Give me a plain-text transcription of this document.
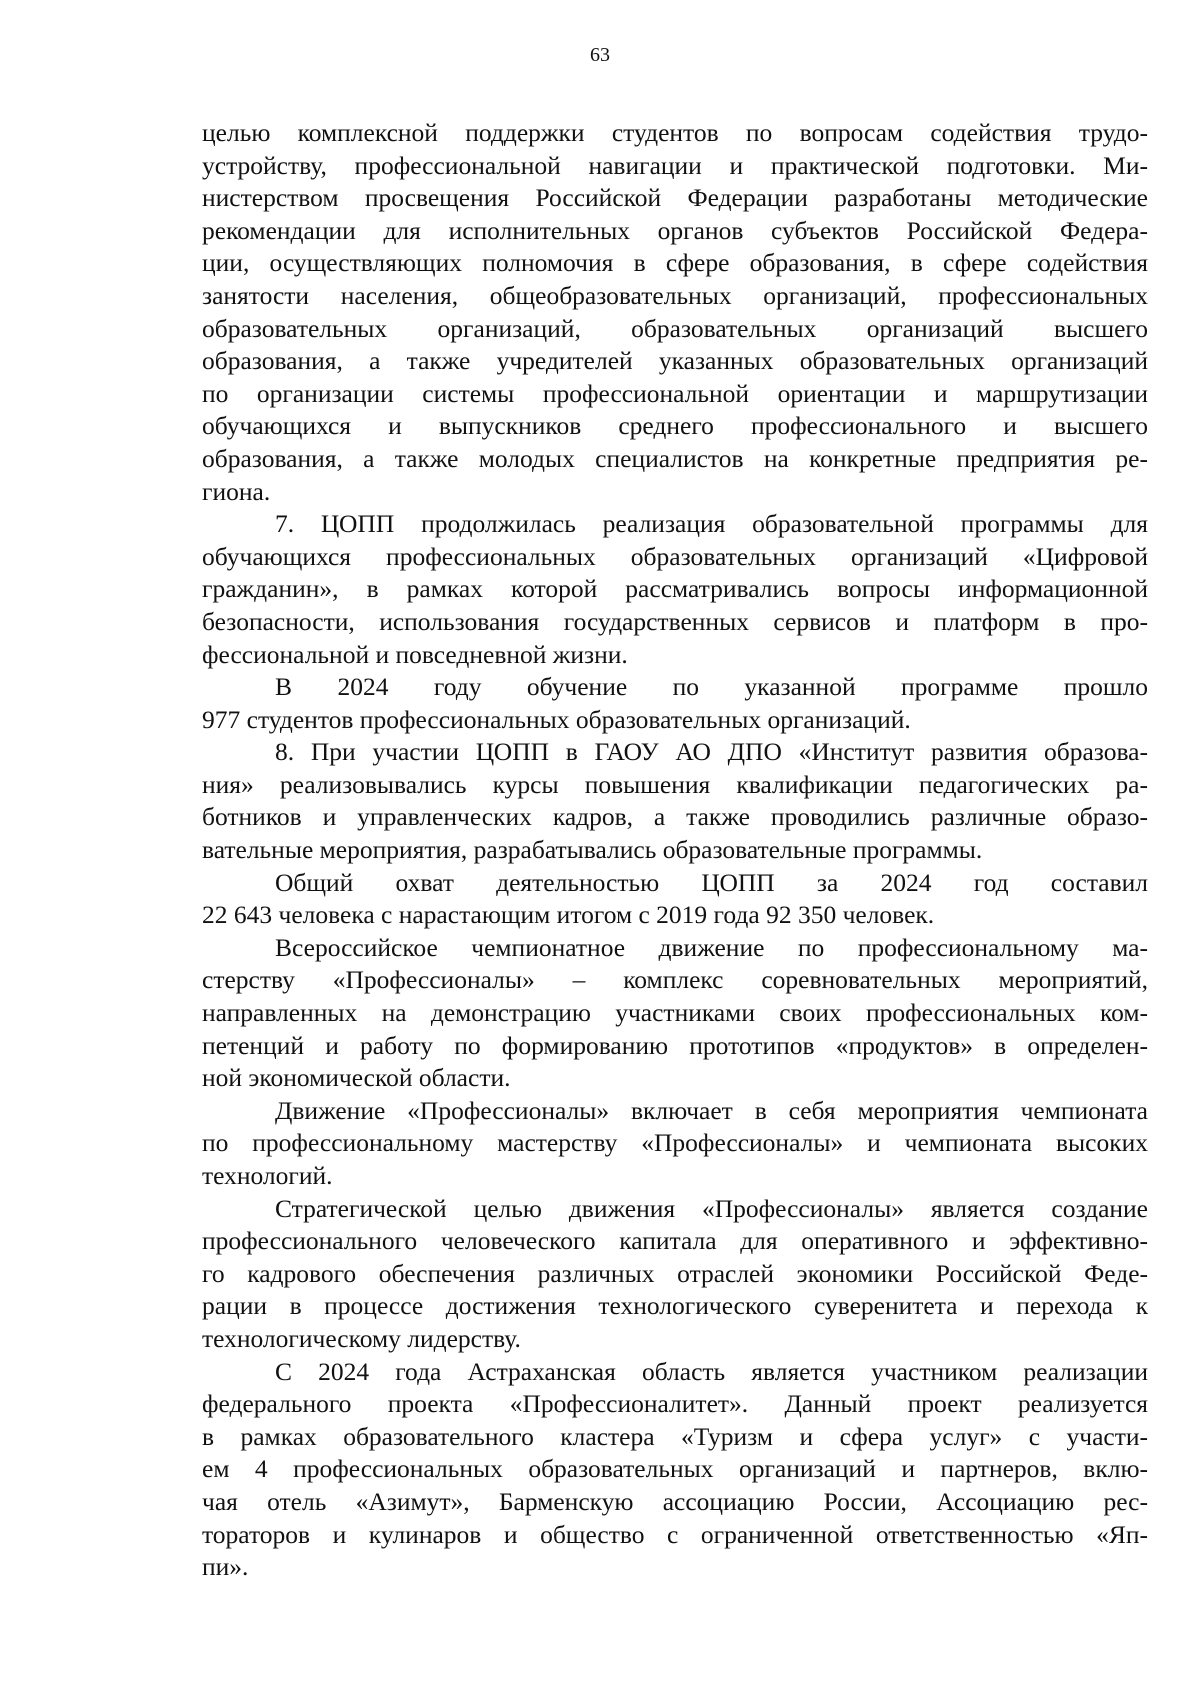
63

целью комплексной поддержки студентов по вопросам содействия трудо-
устройству, профессиональной навигации и практической подготовки. Ми-
нистерством просвещения Российской Федерации разработаны методические
рекомендации для исполнительных органов субъектов Российской Федера-
ции, осуществляющих полномочия в сфере образования, в сфере содействия
занятости населения, общеобразовательных организаций, профессиональных
образовательных организаций, образовательных организаций высшего
образования, а также учредителей указанных образовательных организаций
по организации системы профессиональной ориентации и маршрутизации
обучающихся и выпускников среднего профессионального и высшего
образования, а также молодых специалистов на конкретные предприятия ре-
гиона.

7. ЦОПП продолжилась реализация образовательной программы для
обучающихся профессиональных образовательных организаций «Цифровой
гражданин», в рамках которой рассматривались вопросы информационной
безопасности, использования государственных сервисов и платформ в про-
фессиональной и повседневной жизни.

В 2024 году обучение по указанной программе прошло
977 студентов профессиональных образовательных организаций.

8. При участии ЦОПП в ГАОУ АО ДПО «Институт развития образова-
ния» реализовывались курсы повышения квалификации педагогических ра-
ботников и управленческих кадров, а также проводились различные образо-
вательные мероприятия, разрабатывались образовательные программы.

Общий охват деятельностью ЦОПП за 2024 год составил
22 643 человека с нарастающим итогом с 2019 года 92 350 человек.

Всероссийское чемпионатное движение по профессиональному ма-
стерству «Профессионалы» – комплекс соревновательных мероприятий,
направленных на демонстрацию участниками своих профессиональных ком-
петенций и работу по формированию прототипов «продуктов» в определен-
ной экономической области.

Движение «Профессионалы» включает в себя мероприятия чемпионата
по профессиональному мастерству «Профессионалы» и чемпионата высоких
технологий.

Стратегической целью движения «Профессионалы» является создание
профессионального человеческого капитала для оперативного и эффективно-
го кадрового обеспечения различных отраслей экономики Российской Феде-
рации в процессе достижения технологического суверенитета и перехода к
технологическому лидерству.

С 2024 года Астраханская область является участником реализации
федерального проекта «Профессионалитет». Данный проект реализуется
в рамках образовательного кластера «Туризм и сфера услуг» с участи-
ем 4 профессиональных образовательных организаций и партнеров, вклю-
чая отель «Азимут», Барменскую ассоциацию России, Ассоциацию рес-
тораторов и кулинаров и общество с ограниченной ответственностью «Яп-
пи».
